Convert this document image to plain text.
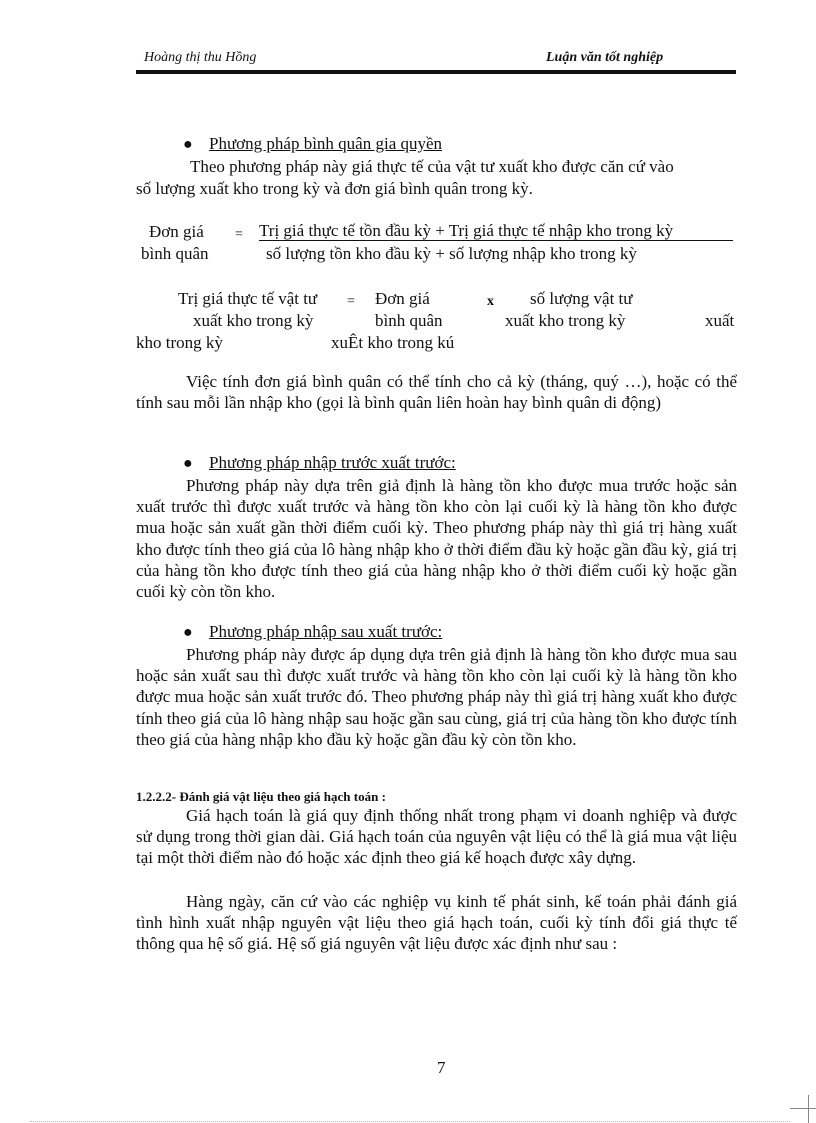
Hoàng thị thu Hồng	Luận văn tốt nghiệp
● Phương pháp bình quân gia quyền
Theo phương pháp này giá thực tế của vật tư xuất kho được căn cứ vào
số lượng xuất kho trong kỳ và đơn giá bình quân trong kỳ.
Đơn giá
bình quân
= Trị giá thực tế tồn đầu kỳ + Trị giá thực tế nhập kho trong kỳ
số lượng tồn kho đầu kỳ + số lượng nhập kho trong kỳ
Trị giá thực tế vật tư = Đơn giá	x số lượng vật tư
xuất kho trong kỳ	bình quân	xuất kho trong kỳ	xuất
kho trong kỳ	xuÊt kho trong kú
Việc tính đơn giá bình quân có thể tính cho cả kỳ (tháng, quý …), hoặc có thể tính sau mỗi lần nhập kho (gọi là bình quân liên hoàn hay bình quân di động)
● Phương pháp nhập trước xuất trước:
Phương pháp này dựa trên giả định là hàng tồn kho được mua trước hoặc sản xuất trước thì được xuất trước và hàng tồn kho còn lại cuối kỳ là hàng tồn kho được mua hoặc sản xuất gần thời điểm cuối kỳ. Theo phương pháp này thì giá trị hàng xuất kho được tính theo giá của lô hàng nhập kho ở thời điểm đầu kỳ hoặc gần đầu kỳ, giá trị của hàng tồn kho được tính theo giá của hàng nhập kho ở thời điểm cuối kỳ hoặc gần cuối kỳ còn tồn kho.
● Phương pháp nhập sau xuất trước:
Phương pháp này được áp dụng dựa trên giả định là hàng tồn kho được mua sau hoặc sản xuất sau thì được xuất trước và hàng tồn kho còn lại cuối kỳ là hàng tồn kho được mua hoặc sản xuất trước đó. Theo phương pháp này thì giá trị hàng xuất kho được tính theo giá của lô hàng nhập sau hoặc gần sau cùng, giá trị của hàng tồn kho được tính theo giá của hàng nhập kho đầu kỳ hoặc gần đầu kỳ còn tồn kho.
1.2.2.2- Đánh giá vật liệu theo giá hạch toán :
Giá hạch toán là giá quy định thống nhất trong phạm vi doanh nghiệp và được sử dụng trong thời gian dài. Giá hạch toán của nguyên vật liệu có thể là giá mua vật liệu tại một thời điểm nào đó hoặc xác định theo giá kế hoạch được xây dựng.
Hàng ngày, căn cứ vào các nghiệp vụ kinh tế phát sinh, kế toán phải đánh giá tình hình xuất nhập nguyên vật liệu theo giá hạch toán, cuối kỳ tính đổi giá thực tế thông qua hệ số giá. Hệ số giá nguyên vật liệu được xác định như sau :
7
